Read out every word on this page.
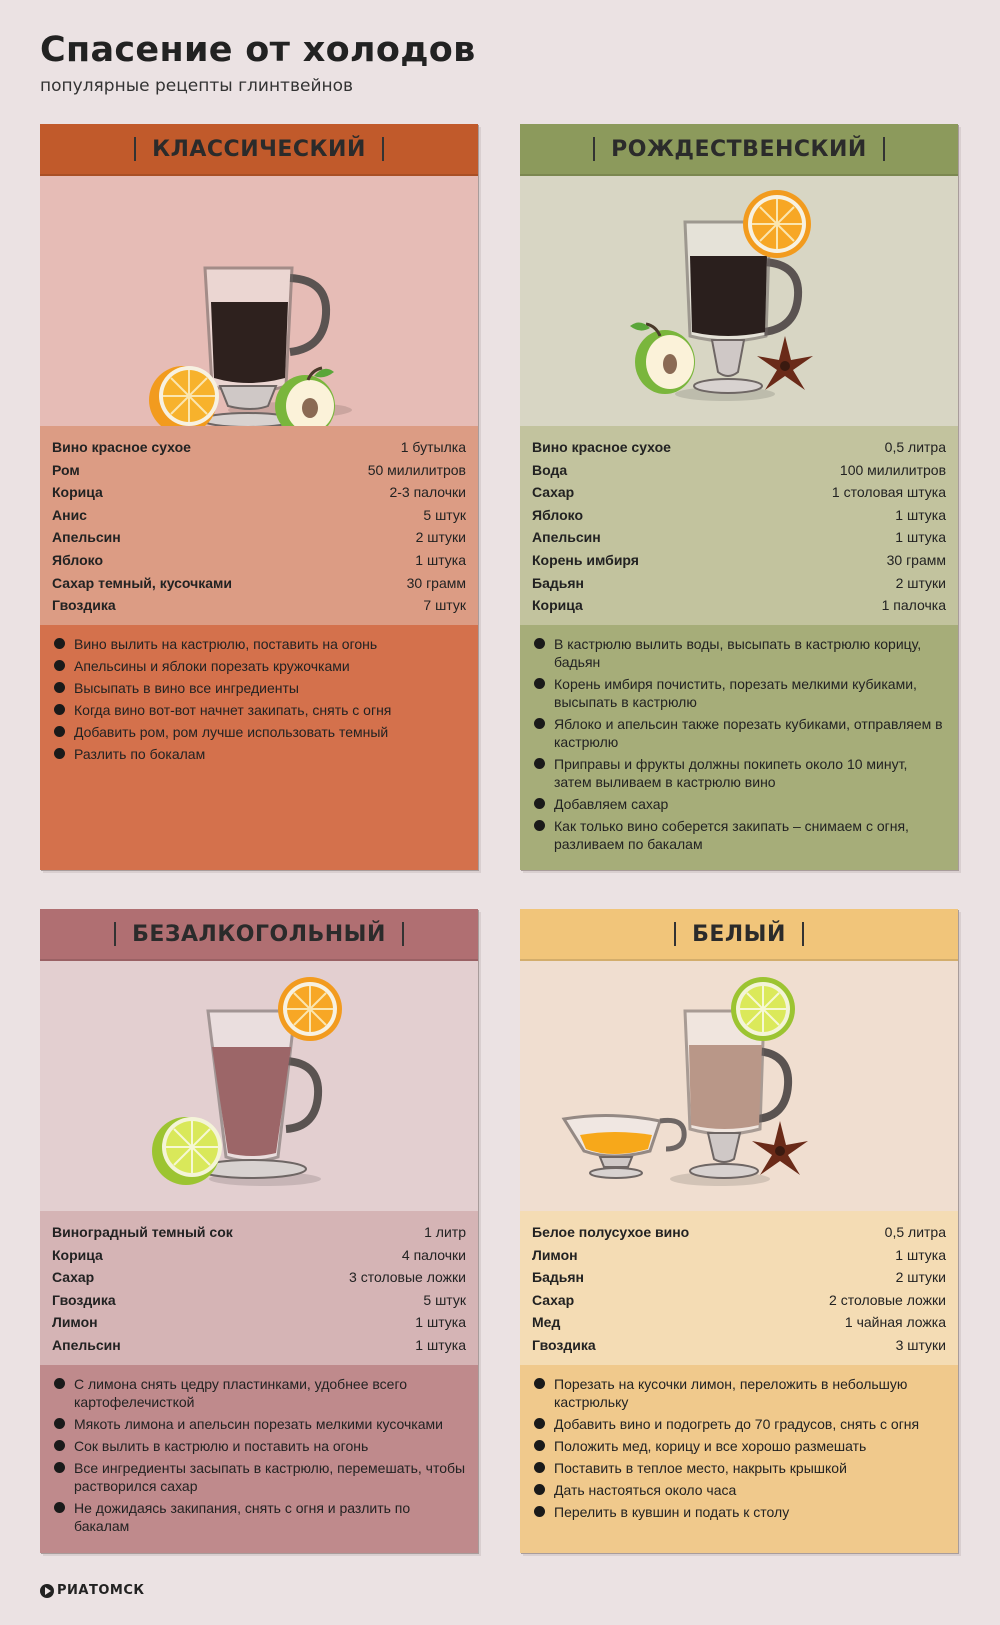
Спасение от холодов
популярные рецепты глинтвейнов
КЛАССИЧЕСКИЙ
Вино красное сухое	1 бутылка
Ром	50 милилитров
Корица	2-3 палочки
Анис	5 штук
Апельсин	2 штуки
Яблоко	1 штука
Сахар темный, кусочками	30 грамм
Гвоздика	7 штук
Вино вылить на кастрюлю, поставить на огонь
Апельсины и яблоки порезать кружочками
Высыпать в вино все ингредиенты
Когда вино вот-вот начнет закипать, снять с огня
Добавить ром, ром лучше использовать темный
Разлить по бокалам
РОЖДЕСТВЕНСКИЙ
Вино красное сухое	0,5 литра
Вода	100 милилитров
Сахар	1 столовая штука
Яблоко	1 штука
Апельсин	1 штука
Корень имбиря	30 грамм
Бадьян	2 штуки
Корица	1 палочка
В кастрюлю вылить воды, высыпать в кастрюлю корицу, бадьян
Корень имбиря почистить, порезать мелкими кубиками, высыпать в кастрюлю
Яблоко и апельсин также порезать кубиками, отправляем в кастрюлю
Приправы и фрукты должны покипеть около 10 минут, затем выливаем в кастрюлю вино
Добавляем сахар
Как только вино соберется закипать – снимаем с огня, разливаем по бакалам
БЕЗАЛКОГОЛЬНЫЙ
Виноградный темный сок	1 литр
Корица	4 палочки
Сахар	3 столовые ложки
Гвоздика	5 штук
Лимон	1 штука
Апельсин	1 штука
С лимона снять цедру пластинками, удобнее всего картофелечисткой
Мякоть лимона и апельсин порезать мелкими кусочками
Сок вылить в кастрюлю и поставить на огонь
Все ингредиенты засыпать в кастрюлю, перемешать, чтобы растворился сахар
Не дожидаясь закипания, снять с огня и разлить по бакалам
БЕЛЫЙ
Белое полусухое вино	0,5 литра
Лимон	1 штука
Бадьян	2 штуки
Сахар	2 столовые ложки
Мед	1 чайная ложка
Гвоздика	3 штуки
Порезать на кусочки лимон, переложить в небольшую кастрюльку
Добавить вино и подогреть до 70 градусов, снять с огня
Положить мед, корицу и все хорошо размешать
Поставить в теплое место, накрыть крышкой
Дать настояться около часа
Перелить в кувшин и подать к столу
РИАТОМСК
